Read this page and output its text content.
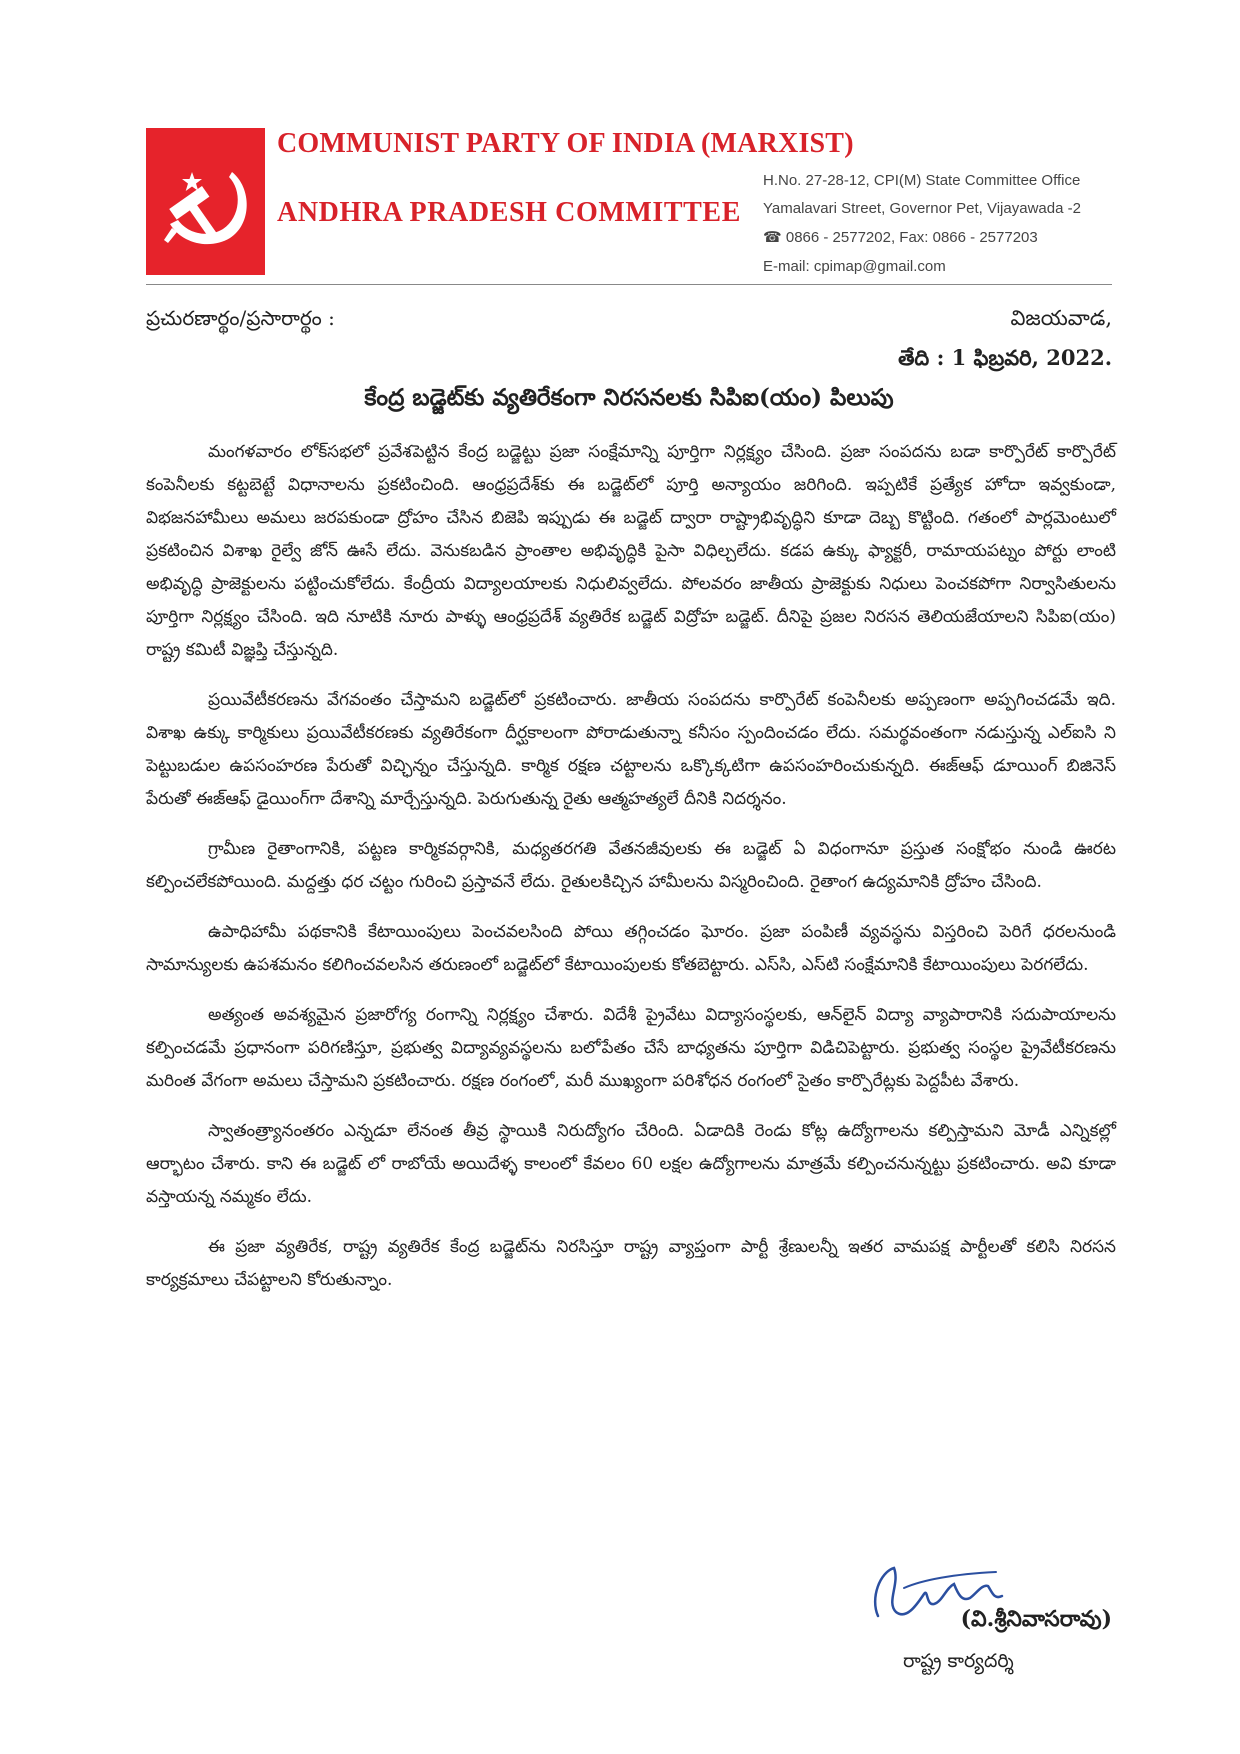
COMMUNIST PARTY OF INDIA (MARXIST)
ANDHRA PRADESH COMMITTEE
H.No. 27-28-12, CPI(M) State Committee Office
Yamalavari Street, Governor Pet, Vijayawada -2
☎ 0866 - 2577202, Fax: 0866 - 2577203
E-mail: cpimap@gmail.com
ప్రచురణార్థం/ప్రసారార్థం :	విజయవాడ,
తేది : 1 ఫిబ్రవరి, 2022.
కేంద్ర బడ్జెట్‌కు వ్యతిరేకంగా నిరసనలకు సిపిఐ(యం) పిలుపు

మంగళవారం లోక్‌సభలో ప్రవేశపెట్టిన కేంద్ర బడ్జెట్టు ప్రజా సంక్షేమాన్ని పూర్తిగా నిర్లక్ష్యం చేసింది. ప్రజా సంపదను బడా కార్పొరేట్ కార్పొరేట్ కంపెనీలకు కట్టబెట్టే విధానాలను ప్రకటించింది. ఆంధ్రప్రదేశ్‌కు ఈ బడ్జెట్‌లో పూర్తి అన్యాయం జరిగింది. ఇప్పటికే ప్రత్యేక హోదా ఇవ్వకుండా, విభజనహామీలు అమలు జరపకుండా ద్రోహం చేసిన బిజెపి ఇప్పుడు ఈ బడ్జెట్ ద్వారా రాష్ట్రాభివృద్ధిని కూడా దెబ్బ కొట్టింది. గతంలో పార్లమెంటులో ప్రకటించిన విశాఖ రైల్వే జోన్ ఊసే లేదు. వెనుకబడిన ప్రాంతాల అభివృద్ధికి పైసా విధిల్చలేదు. కడప ఉక్కు ఫ్యాక్టరీ, రామాయపట్నం పోర్టు లాంటి అభివృద్ధి ప్రాజెక్టులను పట్టించుకోలేదు. కేంద్రీయ విద్యాలయాలకు నిధులివ్వలేదు. పోలవరం జాతీయ ప్రాజెక్టుకు నిధులు పెంచకపోగా నిర్వాసితులను పూర్తిగా నిర్లక్ష్యం చేసింది. ఇది నూటికి నూరు పాళ్ళు ఆంధ్రప్రదేశ్ వ్యతిరేక బడ్జెట్ విద్రోహ బడ్జెట్. దీనిపై ప్రజల నిరసన తెలియజేయాలని సిపిఐ(యం) రాష్ట్ర కమిటీ విజ్ఞప్తి చేస్తున్నది.

ప్రయివేటీకరణను వేగవంతం చేస్తామని బడ్జెట్‌లో ప్రకటించారు. జాతీయ సంపదను కార్పొరేట్ కంపెనీలకు అప్పణంగా అప్పగించడమే ఇది. విశాఖ ఉక్కు కార్మికులు ప్రయివేటీకరణకు వ్యతిరేకంగా దీర్ఘకాలంగా పోరాడుతున్నా కనీసం స్పందించడం లేదు. సమర్థవంతంగా నడుస్తున్న ఎల్‌ఐసి ని పెట్టుబడుల ఉపసంహరణ పేరుతో విచ్ఛిన్నం చేస్తున్నది. కార్మిక రక్షణ చట్టాలను ఒక్కొక్కటిగా ఉపసంహరించుకున్నది. ఈజ్‌ఆఫ్ డూయింగ్ బిజినెస్ పేరుతో ఈజ్‌ఆఫ్ డైయింగ్‌గా దేశాన్ని మార్చేస్తున్నది. పెరుగుతున్న రైతు ఆత్మహత్యలే దీనికి నిదర్శనం.

గ్రామీణ రైతాంగానికి, పట్టణ కార్మికవర్గానికి, మధ్యతరగతి వేతనజీవులకు ఈ బడ్జెట్ ఏ విధంగానూ ప్రస్తుత సంక్షోభం నుండి ఊరట కల్పించలేకపోయింది. మద్దత్తు ధర చట్టం గురించి ప్రస్తావనే లేదు. రైతులకిచ్చిన హామీలను విస్మరించింది. రైతాంగ ఉద్యమానికి ద్రోహం చేసింది.

ఉపాధిహామీ పథకానికి కేటాయింపులు పెంచవలసింది పోయి తగ్గించడం ఘోరం. ప్రజా పంపిణీ వ్యవస్థను విస్తరించి పెరిగే ధరలనుండి సామాన్యులకు ఉపశమనం కలిగించవలసిన తరుణంలో బడ్జెట్‌లో కేటాయింపులకు కోతబెట్టారు. ఎస్‌సి, ఎస్‌టి సంక్షేమానికి కేటాయింపులు పెరగలేదు.

అత్యంత అవశ్యమైన ప్రజారోగ్య రంగాన్ని నిర్లక్ష్యం చేశారు. విదేశీ ప్రైవేటు విద్యాసంస్థలకు, ఆన్‌లైన్ విద్యా వ్యాపారానికి సదుపాయాలను కల్పించడమే ప్రధానంగా పరిగణిస్తూ, ప్రభుత్వ విద్యావ్యవస్థలను బలోపేతం చేసే బాధ్యతను పూర్తిగా విడిచిపెట్టారు. ప్రభుత్వ సంస్థల ప్రైవేటీకరణను మరింత వేగంగా అమలు చేస్తామని ప్రకటించారు. రక్షణ రంగంలో, మరీ ముఖ్యంగా పరిశోధన రంగంలో సైతం కార్పొరేట్లకు పెద్దపీట వేశారు.

స్వాతంత్ర్యానంతరం ఎన్నడూ లేనంత తీవ్ర స్థాయికి నిరుద్యోగం చేరింది. ఏడాదికి రెండు కోట్ల ఉద్యోగాలను కల్పిస్తామని మోడీ ఎన్నికల్లో ఆర్భాటం చేశారు. కాని ఈ బడ్జెట్ లో రాబోయే అయిదేళ్ళ కాలంలో కేవలం 60 లక్షల ఉద్యోగాలను మాత్రమే కల్పించనున్నట్టు ప్రకటించారు. అవి కూడా వస్తాయన్న నమ్మకం లేదు.

ఈ ప్రజా వ్యతిరేక, రాష్ట్ర వ్యతిరేక కేంద్ర బడ్జెట్‌ను నిరసిస్తూ రాష్ట్ర వ్యాప్తంగా పార్టీ శ్రేణులన్నీ ఇతర వామపక్ష పార్టీలతో కలిసి నిరసన కార్యక్రమాలు చేపట్టాలని కోరుతున్నాం.

(వి.శ్రీనివాసరావు)
రాష్ట్ర కార్యదర్శి
